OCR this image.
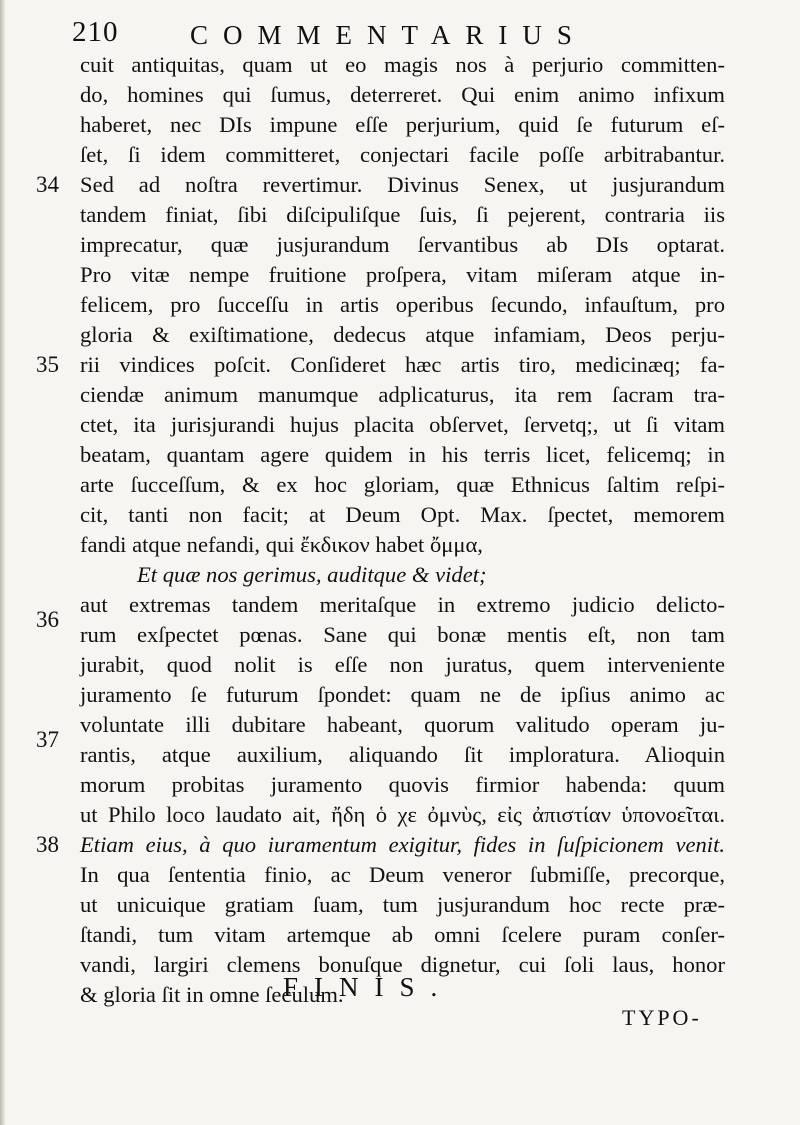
210	COMMENTARIUS
cuit antiquitas, quam ut eo magis nos à perjurio committen-
do, homines qui ſumus, deterreret. Qui enim animo infixum
haberet, nec DIs impune eſſe perjurium, quid ſe futurum eſ-
ſet, ſi idem committeret, conjectari facile poſſe arbitrabantur.
Sed ad noſtra revertimur. Divinus Senex, ut jusjurandum
tandem finiat, ſibi diſcipuliſque ſuis, ſi pejerent, contraria iis
imprecatur, quæ jusjurandum ſervantibus ab DIs optarat.
Pro vitæ nempe fruitione proſpera, vitam miſeram atque in-
felicem, pro ſucceſſu in artis operibus ſecundo, infauſtum, pro
gloria & exiſtimatione, dedecus atque infamiam, Deos perju-
rii vindices poſcit. Conſideret hæc artis tiro, medicinæq; fa-
ciendæ animum manumque adplicaturus, ita rem ſacram tra-
ctet, ita jurisjurandi hujus placita obſervet, ſervetq;, ut ſi vitam
beatam, quantam agere quidem in his terris licet, felicemq; in
arte ſucceſſum, & ex hoc gloriam, quæ Ethnicus ſaltim reſpi-
cit, tanti non facit; at Deum Opt. Max. ſpectet, memorem
fandi atque nefandi, qui ἔκδικον habet ὄμμα,
Et quæ nos gerimus, auditque & videt;
aut extremas tandem meritaſque in extremo judicio delicto-
rum exſpectet pœnas. Sane qui bonæ mentis eſt, non tam
jurabit, quod nolit is eſſe non juratus, quem interveniente
juramento ſe futurum ſpondet: quam ne de ipſius animo ac
voluntate illi dubitare habeant, quorum valitudo operam ju-
rantis, atque auxilium, aliquando ſit imploratura. Alioquin
morum probitas juramento quovis firmior habenda: quum
ut Philo loco laudato ait, ἤδη ὁ χε ὀμνὺς, εἰς ἀπιστίαν ὑπονοεῖται.
Etiam eius, à quo iuramentum exigitur, fides in ſuſpicionem venit.
In qua ſententia finio, ac Deum veneror ſubmiſſe, precorque,
ut unicuique gratiam ſuam, tum jusjurandum hoc recte præ-
ſtandi, tum vitam artemque ab omni ſcelere puram conſer-
vandi, largiri clemens bonuſque dignetur, cui ſoli laus, honor
& gloria ſit in omne ſeculum.
34
35
36
37
38
FINIS.
TYPO-
